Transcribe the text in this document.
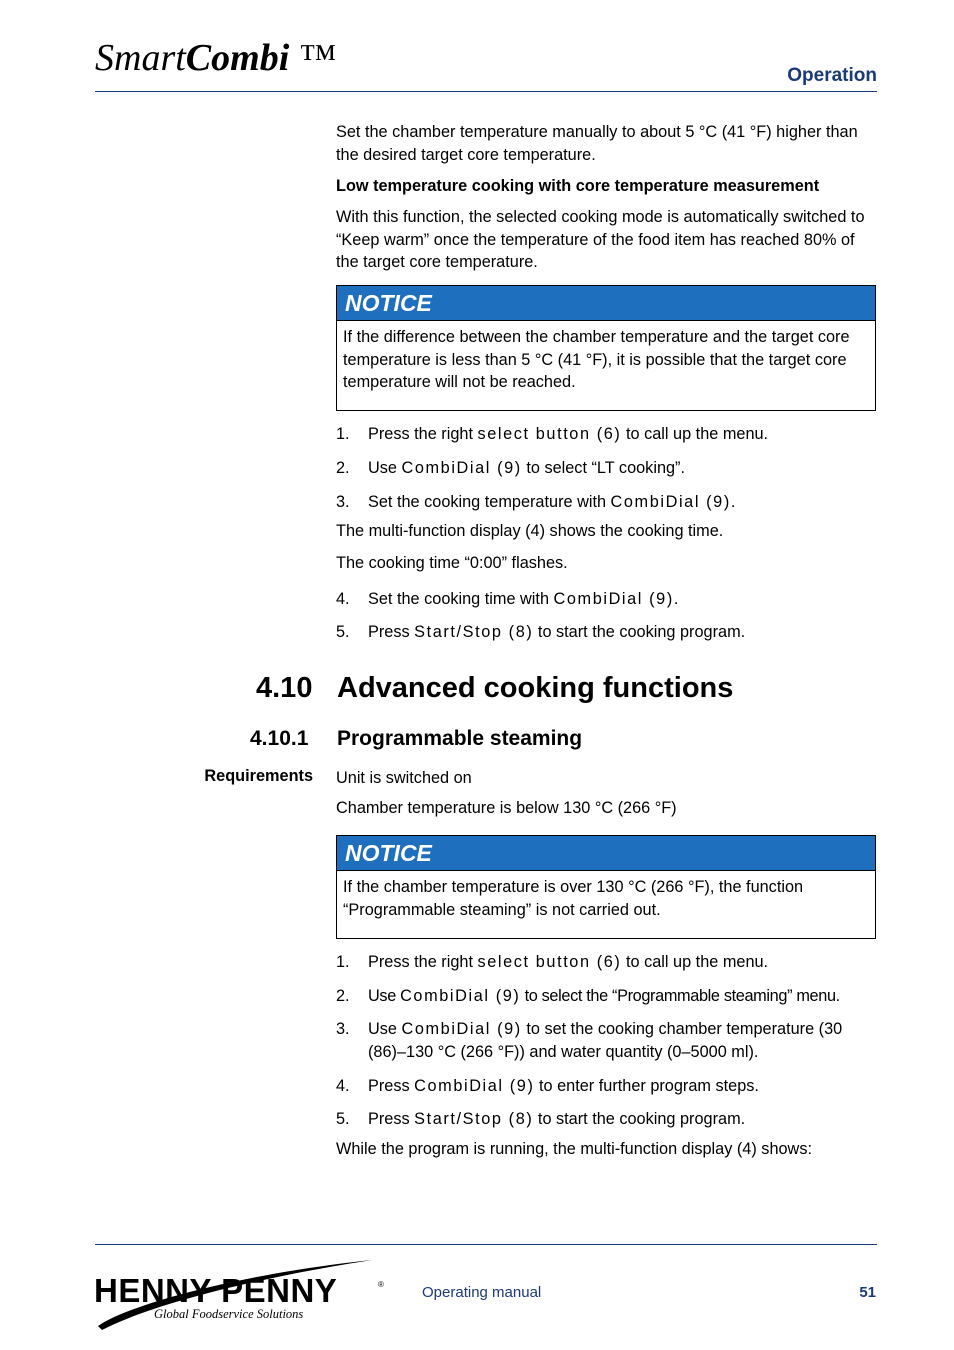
SmartCombi ™	Operation
Set the chamber temperature manually to about 5 °C (41 °F) higher than the desired target core temperature.
Low temperature cooking with core temperature measurement
With this function, the selected cooking mode is automatically switched to “Keep warm” once the temperature of the food item has reached 80% of the target core temperature.
NOTICE
If the difference between the chamber temperature and the target core temperature is less than 5 °C (41 °F), it is possible that the target core temperature will not be reached.
1. Press the right select button (6) to call up the menu.
2. Use CombiDial (9) to select “LT cooking”.
3. Set the cooking temperature with CombiDial (9).
The multi-function display (4) shows the cooking time.
The cooking time “0:00” flashes.
4. Set the cooking time with CombiDial (9).
5. Press Start/Stop (8) to start the cooking program.
4.10 Advanced cooking functions
4.10.1 Programmable steaming
Requirements Unit is switched on
Chamber temperature is below 130 °C (266 °F)
NOTICE
If the chamber temperature is over 130 °C (266 °F), the function “Programmable steaming” is not carried out.
1. Press the right select button (6) to call up the menu.
2. Use CombiDial (9) to select the “Programmable steaming” menu.
3. Use CombiDial (9) to set the cooking chamber temperature (30 (86)–130 °C (266 °F)) and water quantity (0–5000 ml).
4. Press CombiDial (9) to enter further program steps.
5. Press Start/Stop (8) to start the cooking program.
While the program is running, the multi-function display (4) shows:
HENNY PENNY	®
Global Foodservice Solutions
Operating manual	51
